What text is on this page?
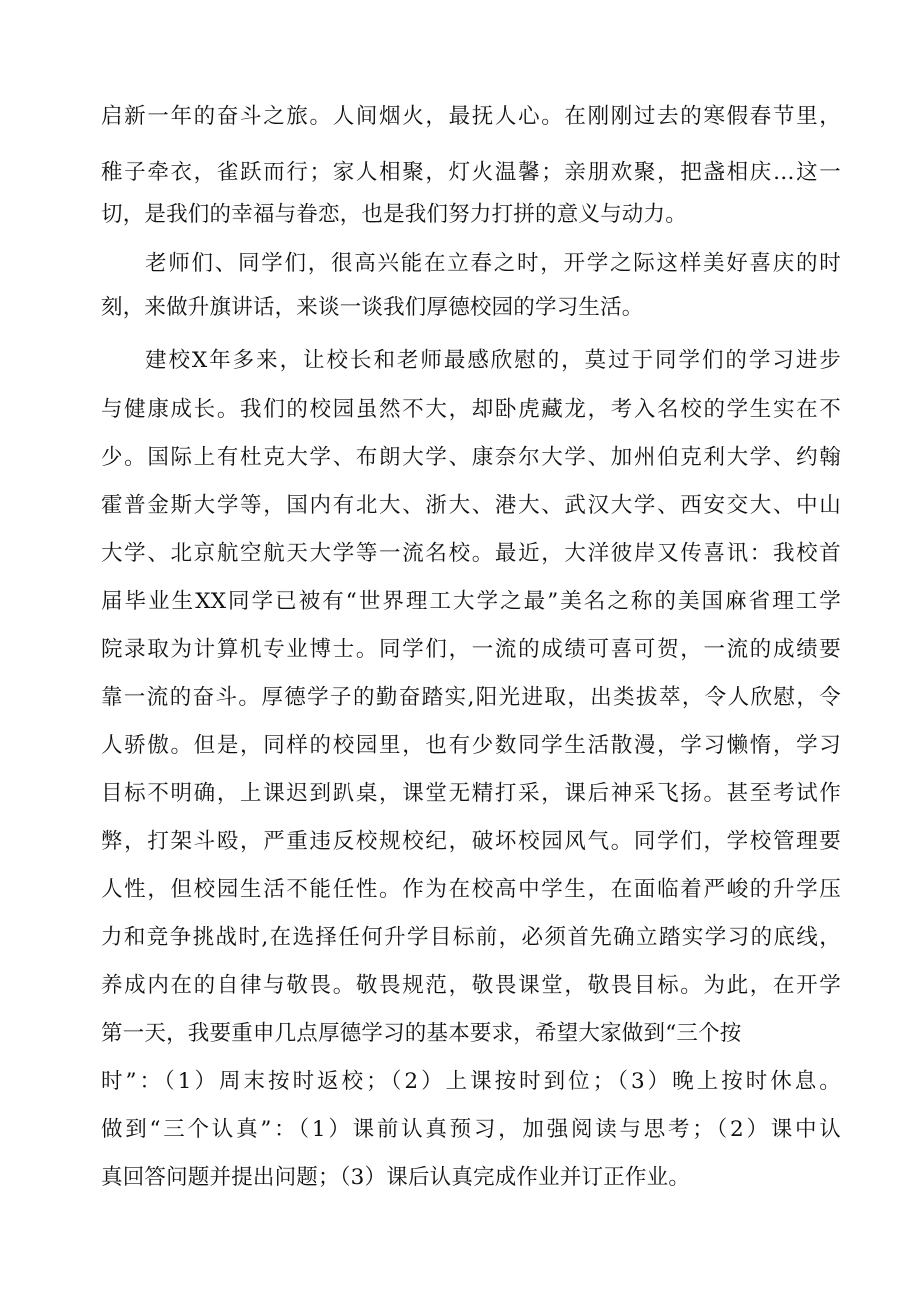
启新一年的奋斗之旅。人间烟火，最抚人心。在刚刚过去的寒假春节里，

稚子牵衣，雀跃而行；家人相聚，灯火温馨；亲朋欢聚，把盏相庆…这一

切，是我们的幸福与眷恋，也是我们努力打拼的意义与动力。

老师们、同学们，很高兴能在立春之时，开学之际这样美好喜庆的时

刻，来做升旗讲话，来谈一谈我们厚德校园的学习生活。

建校X年多来，让校长和老师最感欣慰的，莫过于同学们的学习进步

与健康成长。我们的校园虽然不大，却卧虎藏龙，考入名校的学生实在不

少。国际上有杜克大学、布朗大学、康奈尔大学、加州伯克利大学、约翰

霍普金斯大学等，国内有北大、浙大、港大、武汉大学、西安交大、中山

大学、北京航空航天大学等一流名校。最近，大洋彼岸又传喜讯：我校首

届毕业生XX同学已被有“世界理工大学之最”美名之称的美国麻省理工学

院录取为计算机专业博士。同学们，一流的成绩可喜可贺，一流的成绩要

靠一流的奋斗。厚德学子的勤奋踏实,阳光进取，出类拔萃，令人欣慰，令

人骄傲。但是，同样的校园里，也有少数同学生活散漫，学习懒惰，学习

目标不明确，上课迟到趴桌，课堂无精打采，课后神采飞扬。甚至考试作

弊，打架斗殴，严重违反校规校纪，破坏校园风气。同学们，学校管理要

人性，但校园生活不能任性。作为在校高中学生，在面临着严峻的升学压

力和竞争挑战时,在选择任何升学目标前，必须首先确立踏实学习的底线，

养成内在的自律与敬畏。敬畏规范，敬畏课堂，敬畏目标。为此，在开学

第一天，我要重申几点厚德学习的基本要求，希望大家做到“三个按

时”：（1）周末按时返校；（2）上课按时到位；（3）晚上按时休息。

做到“三个认真”：（1）课前认真预习，加强阅读与思考；（2）课中认

真回答问题并提出问题；（3）课后认真完成作业并订正作业。
